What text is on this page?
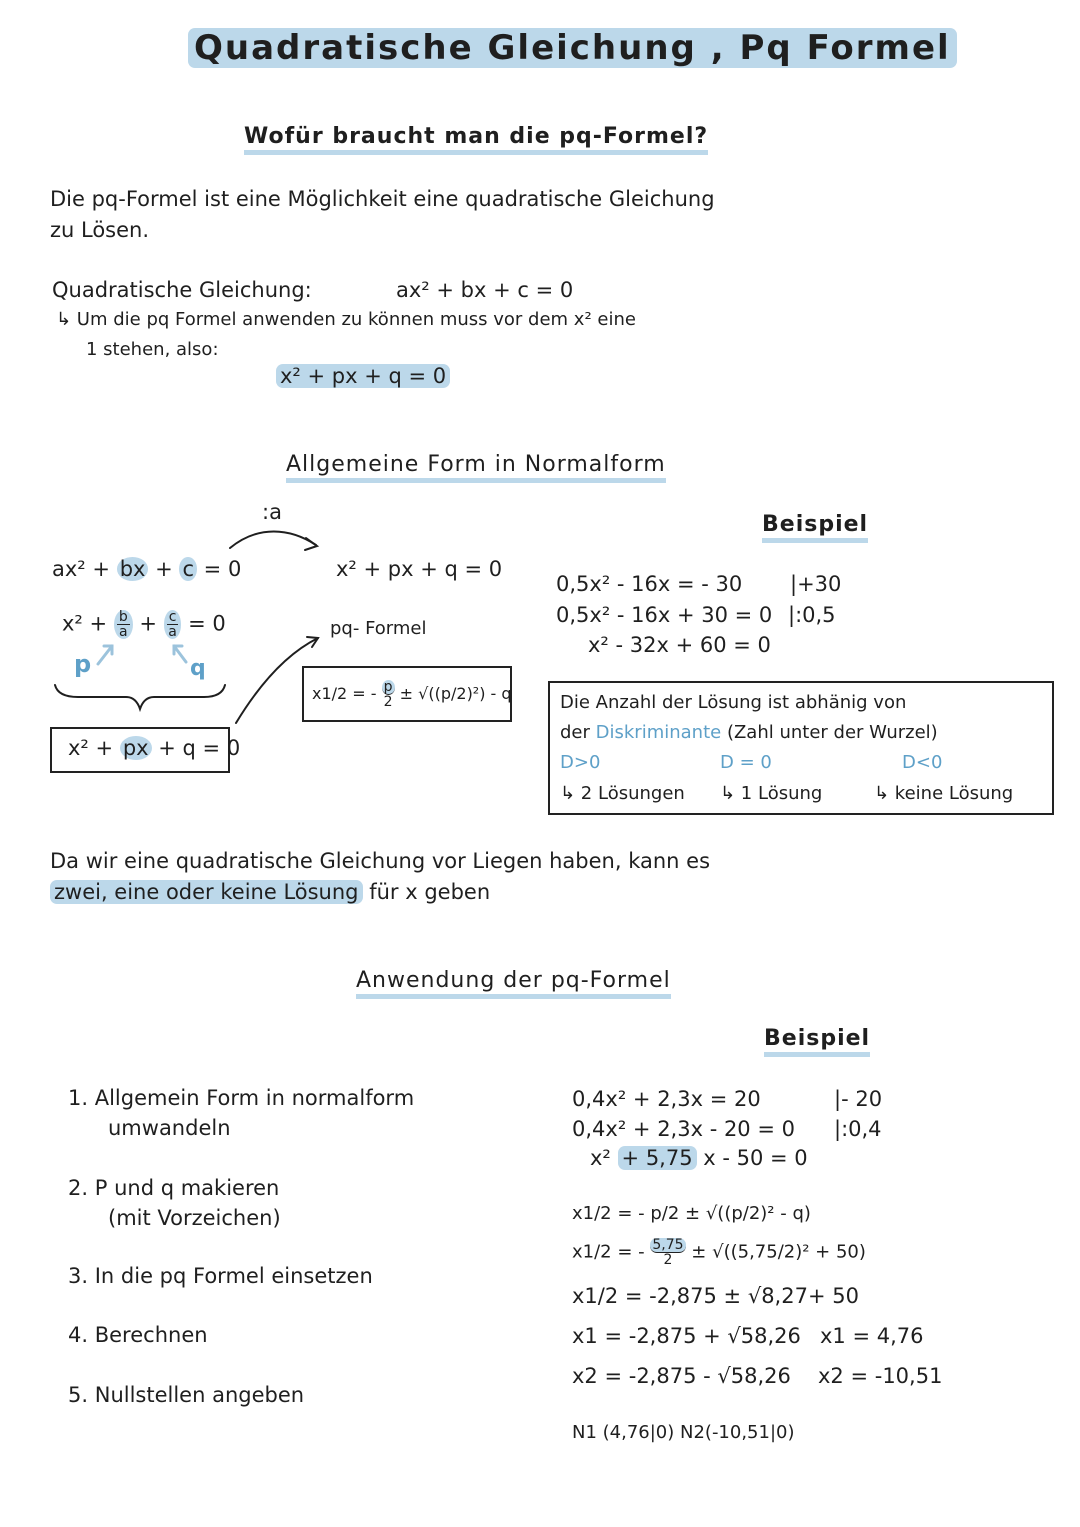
Quadratische Gleichung , Pq Formel
Wofür braucht man die pq-Formel?
Die pq-Formel ist eine Möglichkeit eine quadratische Gleichung
zu Lösen.
Quadratische Gleichung:	ax² + bx + c = 0
↳ Um die pq Formel anwenden zu können muss vor dem x² eine
1 stehen, also:
x² + px + q = 0
Allgemeine Form in Normalform
:a	Beispiel
ax² + bx + c = 0
$x^2 + \frac{b}{a} + \frac{c}{a} = 0$
p	q
x² + px + q = 0
x² + px + q = 0
pq- Formel
x1/2 = - $\frac{p}{2} \pm √((p/2)^2) - q$
0,5x² - 16x = - 30 |+30
0,5x² - 16x + 30 = 0 |:0,5
x² - 32x + 60 = 0
Die Anzahl der Lösung ist abhänig von
der Diskriminante (Zahl unter der Wurzel)
D>0	D = 0	D<0
↳ 2 Lösungen ↳ 1 Lösung	↳ keine Lösung
Da wir eine quadratische Gleichung vor Liegen haben, kann es
zwei, eine oder keine Lösung für x geben
Anwendung der pq-Formel
Beispiel
1. Allgemein Form in normalform
umwandeln
2. P und q makieren
(mit Vorzeichen)
3. In die pq Formel einsetzen
4. Berechnen
5. Nullstellen angeben
0,4x² + 2,3x = 20	|- 20
0,4x² + 2,3x - 20 = 0 |:0,4
x² + 5,75 x - 50 = 0
x1/2 = - p/2 ± √((p/2)² - q)
x1/2 = - $\frac{5,75}{2} \pm √((5,75/2)^2 + 50)$
x1/2 = -2,875 ± √8,27+ 50
x1 = -2,875 + √58,26 x1 = 4,76
x2 = -2,875 - √58,26 x2 = -10,51
N1 (4,76|0) N2(-10,51|0)
